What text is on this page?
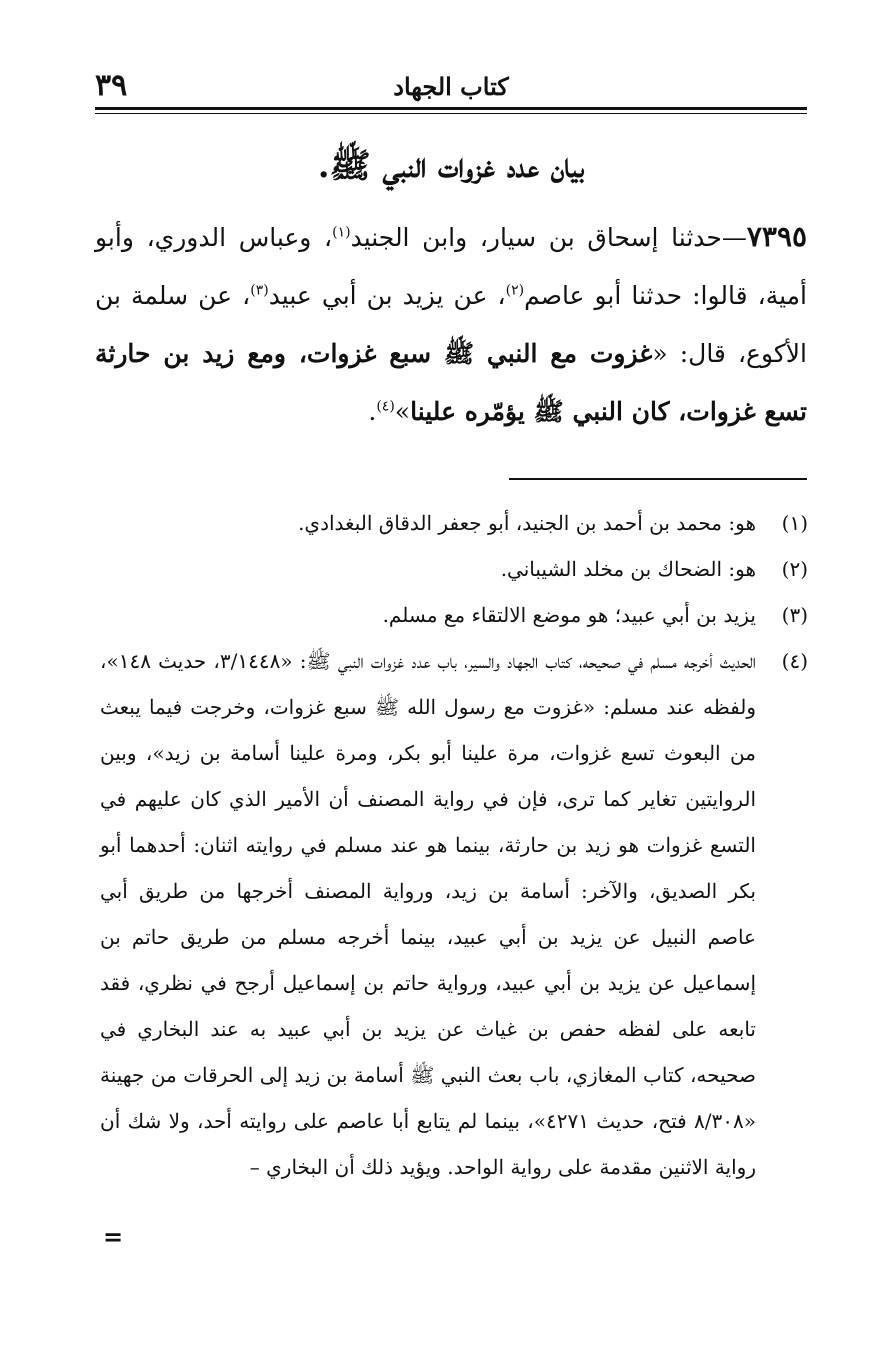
٣٩	كتاب الجهاد
بيان عدد غزوات النبي ﷺ.
٧٣٩٥—حدثنا إسحاق بن سيار، وابن الجنيد$^{(١)}$، وعباس الدوري، وأبو أمية، قالوا: حدثنا أبو عاصم$^{(٢)}$، عن يزيد بن أبي عبيد$^{(٣)}$، عن سلمة بن الأكوع، قال: «غزوت مع النبي ﷺ سبع غزوات، ومع زيد بن حارثة تسع غزوات، كان النبي ﷺ يؤمّره علينا»$^{(٤)}$.
(١)
هو: محمد بن أحمد بن الجنيد، أبو جعفر الدقاق البغدادي.
(٢)
هو: الضحاك بن مخلد الشيباني.
(٣)
يزيد بن أبي عبيد؛ هو موضع الالتقاء مع مسلم.
(٤)
الحديث أخرجه مسلم في صحيحه، كتاب الجهاد والسير، باب عدد غزوات النبي ﷺ: «٣/١٤٤٨، حديث ١٤٨»، ولفظه عند مسلم: «غزوت مع رسول الله ﷺ سبع غزوات، وخرجت فيما يبعث من البعوث تسع غزوات، مرة علينا أبو بكر، ومرة علينا أسامة بن زيد»، وبين الروايتين تغاير كما ترى، فإن في رواية المصنف أن الأمير الذي كان عليهم في التسع غزوات هو زيد بن حارثة، بينما هو عند مسلم في روايته اثنان: أحدهما أبو بكر الصديق، والآخر: أسامة بن زيد، ورواية المصنف أخرجها من طريق أبي عاصم النبيل عن يزيد بن أبي عبيد، بينما أخرجه مسلم من طريق حاتم بن إسماعيل عن يزيد بن أبي عبيد، ورواية حاتم بن إسماعيل أرجح في نظري، فقد تابعه على لفظه حفص بن غياث عن يزيد بن أبي عبيد به عند البخاري في صحيحه، كتاب المغازي، باب بعث النبي ﷺ أسامة بن زيد إلى الحرقات من جهينة «٨/٣٠٨ فتح، حديث ٤٢٧١»، بينما لم يتابع أبا عاصم على روايته أحد، ولا شك أن رواية الاثنين مقدمة على رواية الواحد. ويؤيد ذلك أن البخاري –
=
